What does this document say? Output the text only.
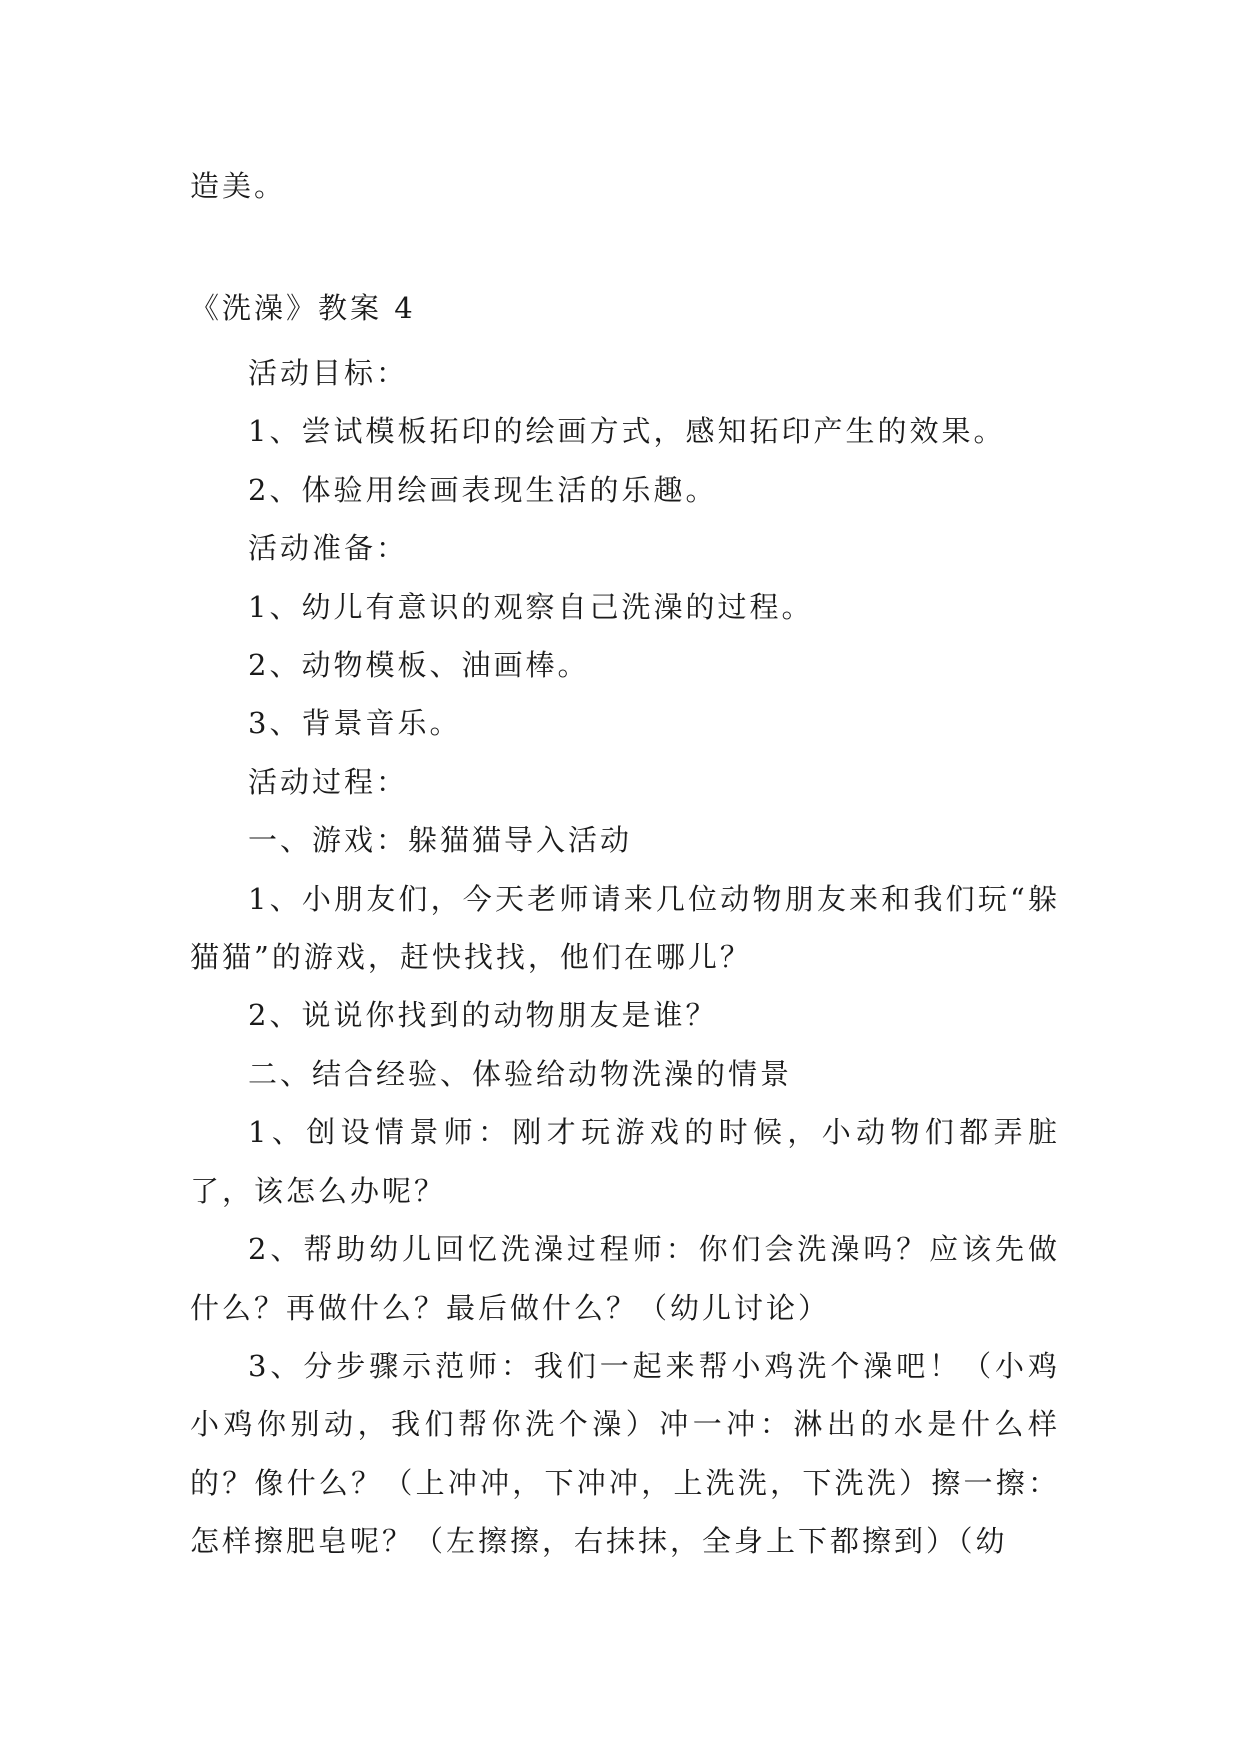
造美。
《洗澡》教案 4

活动目标：

1、尝试模板拓印的绘画方式，感知拓印产生的效果。

2、体验用绘画表现生活的乐趣。

活动准备：

1、幼儿有意识的观察自己洗澡的过程。

2、动物模板、油画棒。

3、背景音乐。

活动过程：

一、游戏：躲猫猫导入活动

1、小朋友们，今天老师请来几位动物朋友来和我们玩“躲猫猫”的游戏，赶快找找，他们在哪儿？

2、说说你找到的动物朋友是谁？

二、结合经验、体验给动物洗澡的情景

1、创设情景师：刚才玩游戏的时候，小动物们都弄脏了，该怎么办呢？

2、帮助幼儿回忆洗澡过程师：你们会洗澡吗？应该先做什么？再做什么？最后做什么？（幼儿讨论）

3、分步骤示范师：我们一起来帮小鸡洗个澡吧！（小鸡小鸡你别动，我们帮你洗个澡）冲一冲：淋出的水是什么样的？像什么？（上冲冲，下冲冲，上洗洗，下洗洗）擦一擦：怎样擦肥皂呢？（左擦擦，右抹抹，全身上下都擦到）（幼
